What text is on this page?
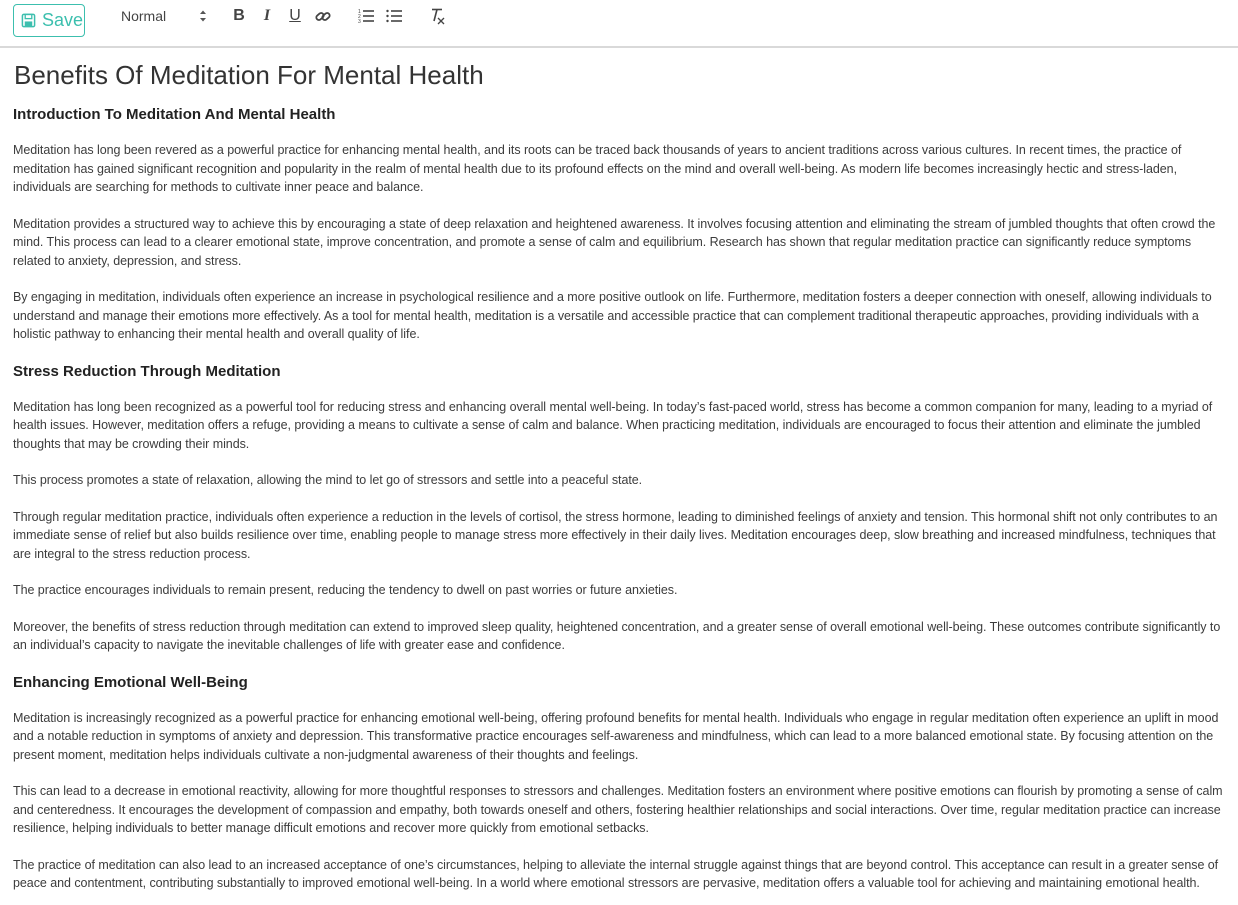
Save	Normal	B I U	1
2
3
Benefits Of Meditation For Mental Health
Introduction To Meditation And Mental Health

Meditation has long been revered as a powerful practice for enhancing mental health, and its roots can be traced back thousands of years to ancient traditions across various cultures. In recent times, the practice of meditation has gained significant recognition and popularity in the realm of mental health due to its profound effects on the mind and overall well-being. As modern life becomes increasingly hectic and stress-laden, individuals are searching for methods to cultivate inner peace and balance.

Meditation provides a structured way to achieve this by encouraging a state of deep relaxation and heightened awareness. It involves focusing attention and eliminating the stream of jumbled thoughts that often crowd the mind. This process can lead to a clearer emotional state, improve concentration, and promote a sense of calm and equilibrium. Research has shown that regular meditation practice can significantly reduce symptoms related to anxiety, depression, and stress.

By engaging in meditation, individuals often experience an increase in psychological resilience and a more positive outlook on life. Furthermore, meditation fosters a deeper connection with oneself, allowing individuals to understand and manage their emotions more effectively. As a tool for mental health, meditation is a versatile and accessible practice that can complement traditional therapeutic approaches, providing individuals with a holistic pathway to enhancing their mental health and overall quality of life.

Stress Reduction Through Meditation

Meditation has long been recognized as a powerful tool for reducing stress and enhancing overall mental well-being. In today’s fast-paced world, stress has become a common companion for many, leading to a myriad of health issues. However, meditation offers a refuge, providing a means to cultivate a sense of calm and balance. When practicing meditation, individuals are encouraged to focus their attention and eliminate the jumbled thoughts that may be crowding their minds.

This process promotes a state of relaxation, allowing the mind to let go of stressors and settle into a peaceful state.

Through regular meditation practice, individuals often experience a reduction in the levels of cortisol, the stress hormone, leading to diminished feelings of anxiety and tension. This hormonal shift not only contributes to an immediate sense of relief but also builds resilience over time, enabling people to manage stress more effectively in their daily lives. Meditation encourages deep, slow breathing and increased mindfulness, techniques that are integral to the stress reduction process.

The practice encourages individuals to remain present, reducing the tendency to dwell on past worries or future anxieties.

Moreover, the benefits of stress reduction through meditation can extend to improved sleep quality, heightened concentration, and a greater sense of overall emotional well-being. These outcomes contribute significantly to an individual’s capacity to navigate the inevitable challenges of life with greater ease and confidence.

Enhancing Emotional Well-Being

Meditation is increasingly recognized as a powerful practice for enhancing emotional well-being, offering profound benefits for mental health. Individuals who engage in regular meditation often experience an uplift in mood and a notable reduction in symptoms of anxiety and depression. This transformative practice encourages self-awareness and mindfulness, which can lead to a more balanced emotional state. By focusing attention on the present moment, meditation helps individuals cultivate a non-judgmental awareness of their thoughts and feelings.

This can lead to a decrease in emotional reactivity, allowing for more thoughtful responses to stressors and challenges. Meditation fosters an environment where positive emotions can flourish by promoting a sense of calm and centeredness. It encourages the development of compassion and empathy, both towards oneself and others, fostering healthier relationships and social interactions. Over time, regular meditation practice can increase resilience, helping individuals to better manage difficult emotions and recover more quickly from emotional setbacks.

The practice of meditation can also lead to an increased acceptance of one’s circumstances, helping to alleviate the internal struggle against things that are beyond control. This acceptance can result in a greater sense of peace and contentment, contributing substantially to improved emotional well-being. In a world where emotional stressors are pervasive, meditation offers a valuable tool for achieving and maintaining emotional health.
